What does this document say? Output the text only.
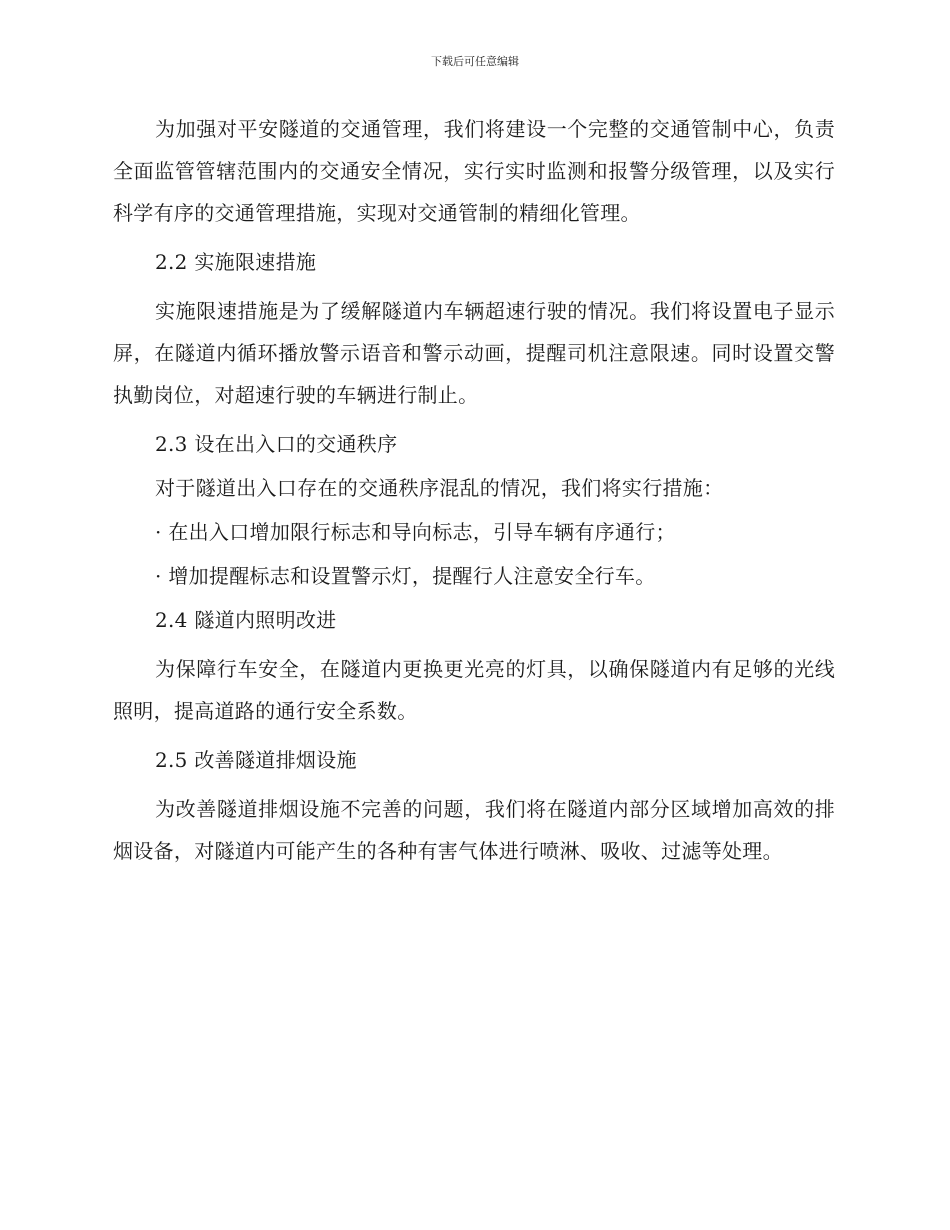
下载后可任意编辑

为加强对平安隧道的交通管理，我们将建设一个完整的交通管制中心，负责全面监管管辖范围内的交通安全情况，实行实时监测和报警分级管理，以及实行科学有序的交通管理措施，实现对交通管制的精细化管理。

2.2 实施限速措施

实施限速措施是为了缓解隧道内车辆超速行驶的情况。我们将设置电子显示屏，在隧道内循环播放警示语音和警示动画，提醒司机注意限速。同时设置交警执勤岗位，对超速行驶的车辆进行制止。

2.3 设在出入口的交通秩序

对于隧道出入口存在的交通秩序混乱的情况，我们将实行措施：

· 在出入口增加限行标志和导向标志，引导车辆有序通行；

· 增加提醒标志和设置警示灯，提醒行人注意安全行车。

2.4 隧道内照明改进

为保障行车安全，在隧道内更换更光亮的灯具，以确保隧道内有足够的光线照明，提高道路的通行安全系数。

2.5 改善隧道排烟设施

为改善隧道排烟设施不完善的问题，我们将在隧道内部分区域增加高效的排烟设备，对隧道内可能产生的各种有害气体进行喷淋、吸收、过滤等处理。
